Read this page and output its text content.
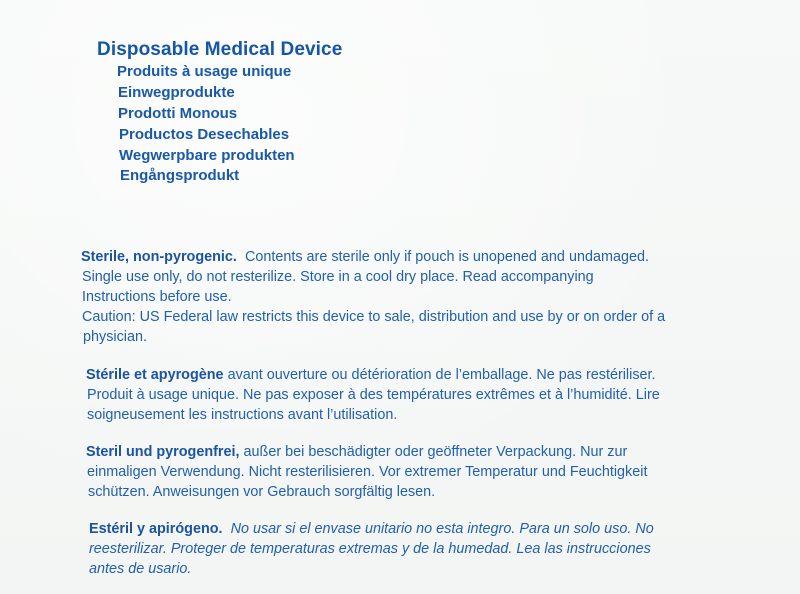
Disposable Medical Device
Produits à usage unique
Einwegprodukte
Prodotti Monous
Productos Desechables
Wegwerpbare produkten
Engångsprodukt
Sterile, non-pyrogenic. Contents are sterile only if pouch is unopened and undamaged.
Single use only, do not resterilize. Store in a cool dry place. Read accompanying
Instructions before use.
Caution: US Federal law restricts this device to sale, distribution and use by or on order of a
physician.
Stérile et apyrogène avant ouverture ou détérioration de l’emballage. Ne pas restériliser.
Produit à usage unique. Ne pas exposer à des températures extrêmes et à l’humidité. Lire
soigneusement les instructions avant l’utilisation.
Steril und pyrogenfrei, außer bei beschädigter oder geöffneter Verpackung. Nur zur
einmaligen Verwendung. Nicht resterilisieren. Vor extremer Temperatur und Feuchtigkeit
schützen. Anweisungen vor Gebrauch sorgfältig lesen.
Estéril y apirógeno. No usar si el envase unitario no esta integro. Para un solo uso. No
reesterilizar. Proteger de temperaturas extremas y de la humedad. Lea las instrucciones
antes de usario.
